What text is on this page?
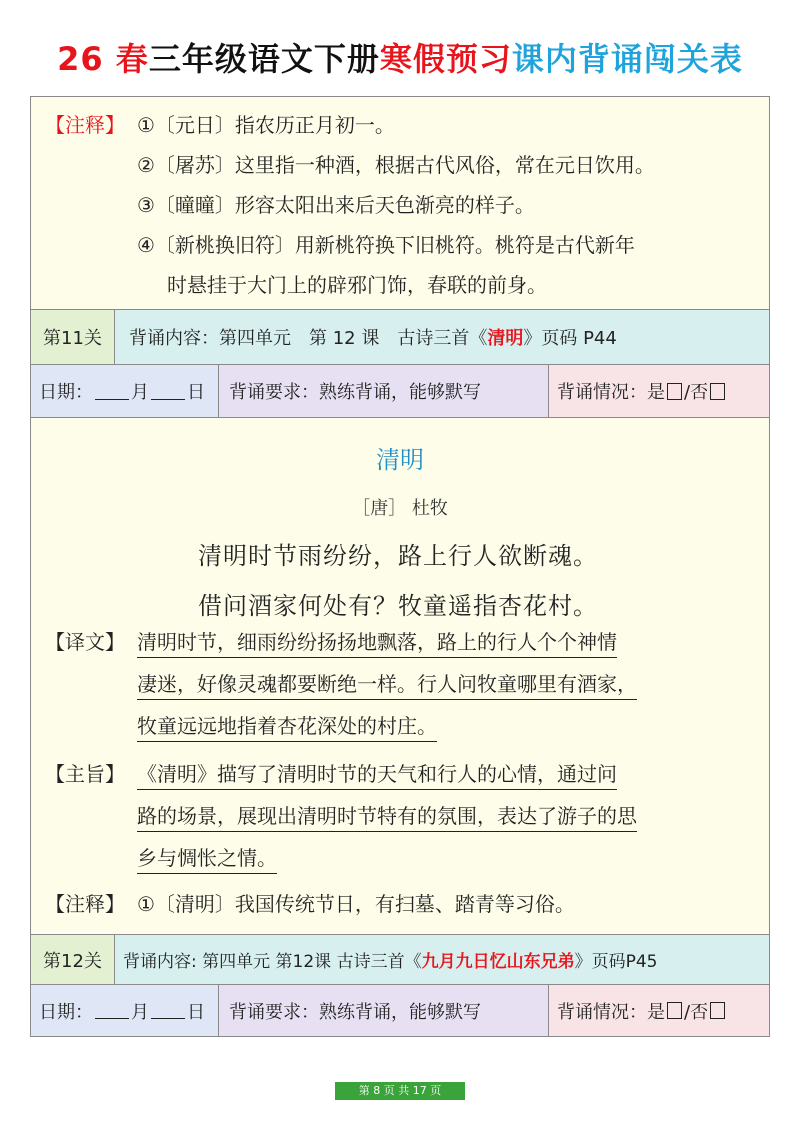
26 春三年级语文下册寒假预习课内背诵闯关表
【注释】 ①〔元日〕指农历正月初一。
②〔屠苏〕这里指一种酒，根据古代风俗，常在元日饮用。
③〔曈曈〕形容太阳出来后天色渐亮的样子。
④〔新桃换旧符〕用新桃符换下旧桃符。桃符是古代新年
时悬挂于大门上的辟邪门饰，春联的前身。
第11关	背诵内容：第四单元　第 12 课　古诗三首《 清明 》页码 P44
日期： 月 日	背诵要求：熟练背诵，能够默写	背诵情况：是 /否
清明
［唐］ 杜牧
清明时节雨纷纷，路上行人欲断魂。
借问酒家何处有？牧童遥指杏花村。
【译文】 清明时节，细雨纷纷扬扬地飘落，路上的行人个个神情
凄迷，好像灵魂都要断绝一样。行人问牧童哪里有酒家，
牧童远远地指着杏花深处的村庄。
【主旨】 《清明》描写了清明时节的天气和行人的心情，通过问
路的场景，展现出清明时节特有的氛围，表达了游子的思
乡与惆怅之情。
【注释】 ①〔清明〕我国传统节日，有扫墓、踏青等习俗。
第12关	背诵内容: 第四单元 第12课 古诗三首《 九月九日忆山东兄弟 》页码P45
日期： 月 日	背诵要求：熟练背诵，能够默写	背诵情况：是 /否
第 8 页 共 17 页
